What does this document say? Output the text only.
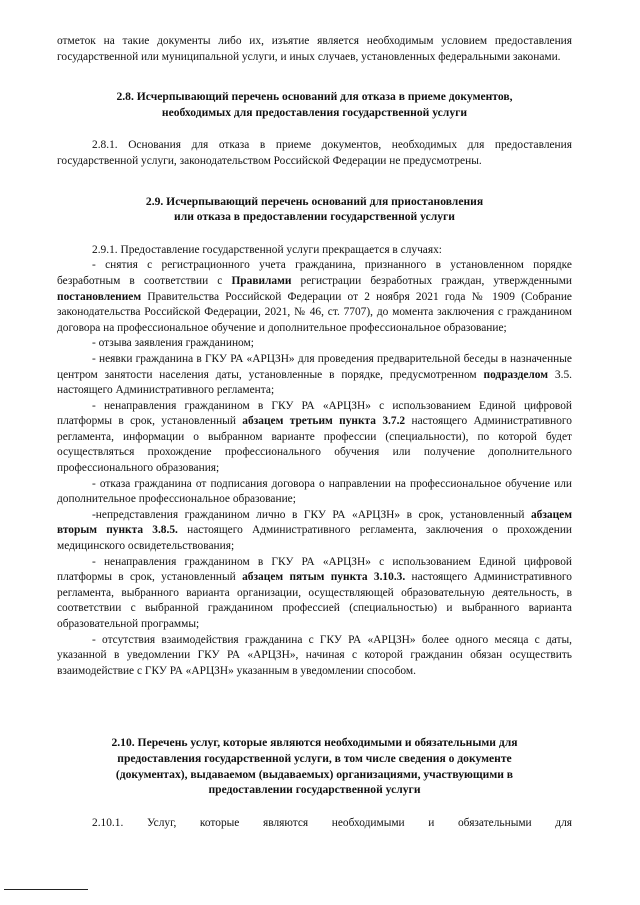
отметок на такие документы либо их, изъятие является необходимым условием предоставления государственной или муниципальной услуги, и иных случаев, установленных федеральными законами.

2.8. Исчерпывающий перечень оснований для отказа в приеме документов,
необходимых для предоставления государственной услуги

2.8.1. Основания для отказа в приеме документов, необходимых для предоставления государственной услуги, законодательством Российской Федерации не предусмотрены.

2.9. Исчерпывающий перечень оснований для приостановления
или отказа в предоставлении государственной услуги

2.9.1. Предоставление государственной услуги прекращается в случаях:

- снятия с регистрационного учета гражданина, признанного в установленном порядке безработным в соответствии с Правилами регистрации безработных граждан, утвержденными постановлением Правительства Российской Федерации от 2 ноября 2021 года № 1909 (Собрание законодательства Российской Федерации, 2021, № 46, ст. 7707), до момента заключения с гражданином договора на профессиональное обучение и дополнительное профессиональное образование;

- отзыва заявления гражданином;

- неявки гражданина в ГКУ РА «АРЦЗН» для проведения предварительной беседы в назначенные центром занятости населения даты, установленные в порядке, предусмотренном подразделом 3.5. настоящего Административного регламента;

- ненаправления гражданином в ГКУ РА «АРЦЗН» с использованием Единой цифровой платформы в срок, установленный абзацем третьим пункта 3.7.2 настоящего Административного регламента, информации о выбранном варианте профессии (специальности), по которой будет осуществляться прохождение профессионального обучения или получение дополнительного профессионального образования;

- отказа гражданина от подписания договора о направлении на профессиональное обучение или дополнительное профессиональное образование;

-непредставления гражданином лично в ГКУ РА «АРЦЗН» в срок, установленный абзацем вторым пункта 3.8.5. настоящего Административного регламента, заключения о прохождении медицинского освидетельствования;

- ненаправления гражданином в ГКУ РА «АРЦЗН» с использованием Единой цифровой платформы в срок, установленный абзацем пятым пункта 3.10.3. настоящего Административного регламента, выбранного варианта организации, осуществляющей образовательную деятельность, в соответствии с выбранной гражданином профессией (специальностью) и выбранного варианта образовательной программы;

- отсутствия взаимодействия гражданина с ГКУ РА «АРЦЗН» более одного месяца с даты, указанной в уведомлении ГКУ РА «АРЦЗН», начиная с которой гражданин обязан осуществить взаимодействие с ГКУ РА «АРЦЗН» указанным в уведомлении способом.

2.10. Перечень услуг, которые являются необходимыми и обязательными для
предоставления государственной услуги, в том числе сведения о документе
(документах), выдаваемом (выдаваемых) организациями, участвующими в
предоставлении государственной услуги

2.10.1. Услуг, которые являются необходимыми и обязательными для
